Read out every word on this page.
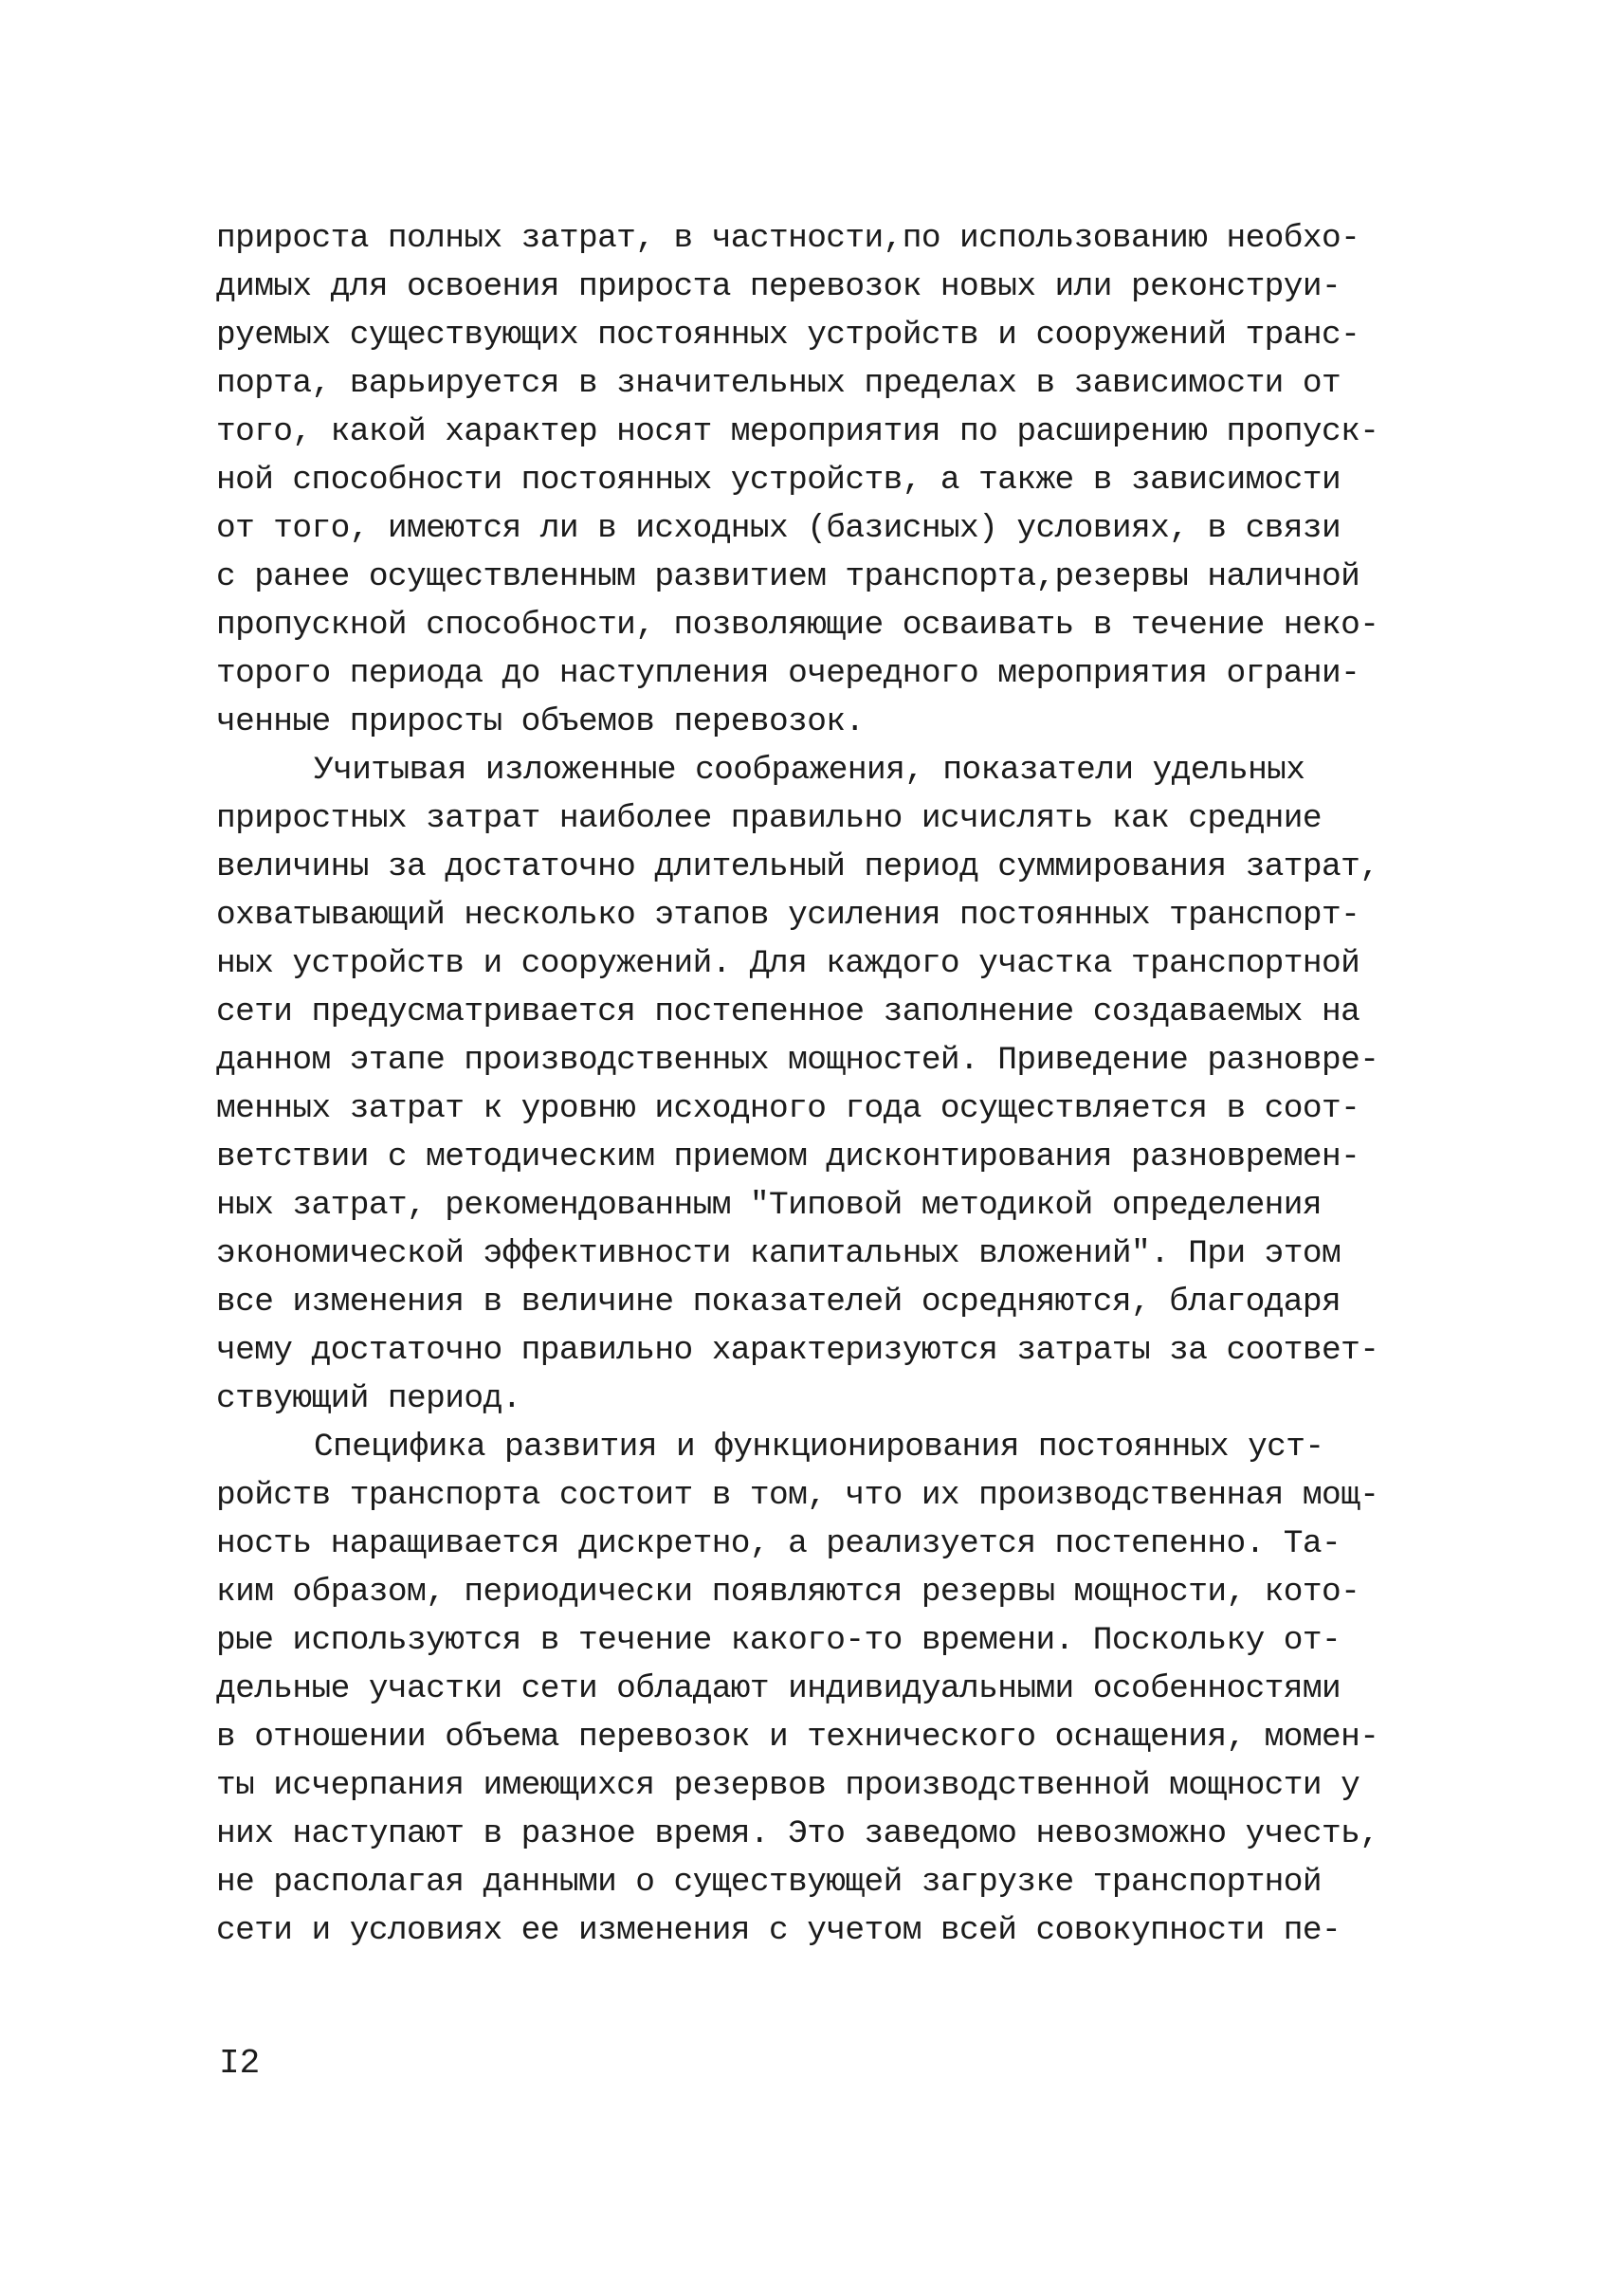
прироста полных затрат, в частности,по использованию необхо-
димых для освоения прироста перевозок новых или реконструи-
руемых существующих постоянных устройств и сооружений транс-
порта, варьируется в значительных пределах в зависимости от
того, какой характер носят мероприятия по расширению пропуск-
ной способности постоянных устройств, а также в зависимости
от того, имеются ли в исходных (базисных) условиях, в связи
с ранее осуществленным развитием транспорта,резервы наличной
пропускной способности, позволяющие осваивать в течение неко-
торого периода до наступления очередного мероприятия ограни-
ченные приросты объемов перевозок.
Учитывая изложенные соображения, показатели удельных
приростных затрат наиболее правильно исчислять как средние
величины за достаточно длительный период суммирования затрат,
охватывающий несколько этапов усиления постоянных транспорт-
ных устройств и сооружений. Для каждого участка транспортной
сети предусматривается постепенное заполнение создаваемых на
данном этапе производственных мощностей. Приведение разновре-
менных затрат к уровню исходного года осуществляется в соот-
ветствии с методическим приемом дисконтирования разновремен-
ных затрат, рекомендованным "Типовой методикой определения
экономической эффективности капитальных вложений". При этом
все изменения в величине показателей осредняются, благодаря
чему достаточно правильно характеризуются затраты за соответ-
ствующий период.
Специфика развития и функционирования постоянных уст-
ройств транспорта состоит в том, что их производственная мощ-
ность наращивается дискретно, а реализуется постепенно. Та-
ким образом, периодически появляются резервы мощности, кото-
рые используются в течение какого-то времени. Поскольку от-
дельные участки сети обладают индивидуальными особенностями
в отношении объема перевозок и технического оснащения, момен-
ты исчерпания имеющихся резервов производственной мощности у
них наступают в разное время. Это заведомо невозможно учесть,
не располагая данными о существующей загрузке транспортной
сети и условиях ее изменения с учетом всей совокупности пе-
I2
